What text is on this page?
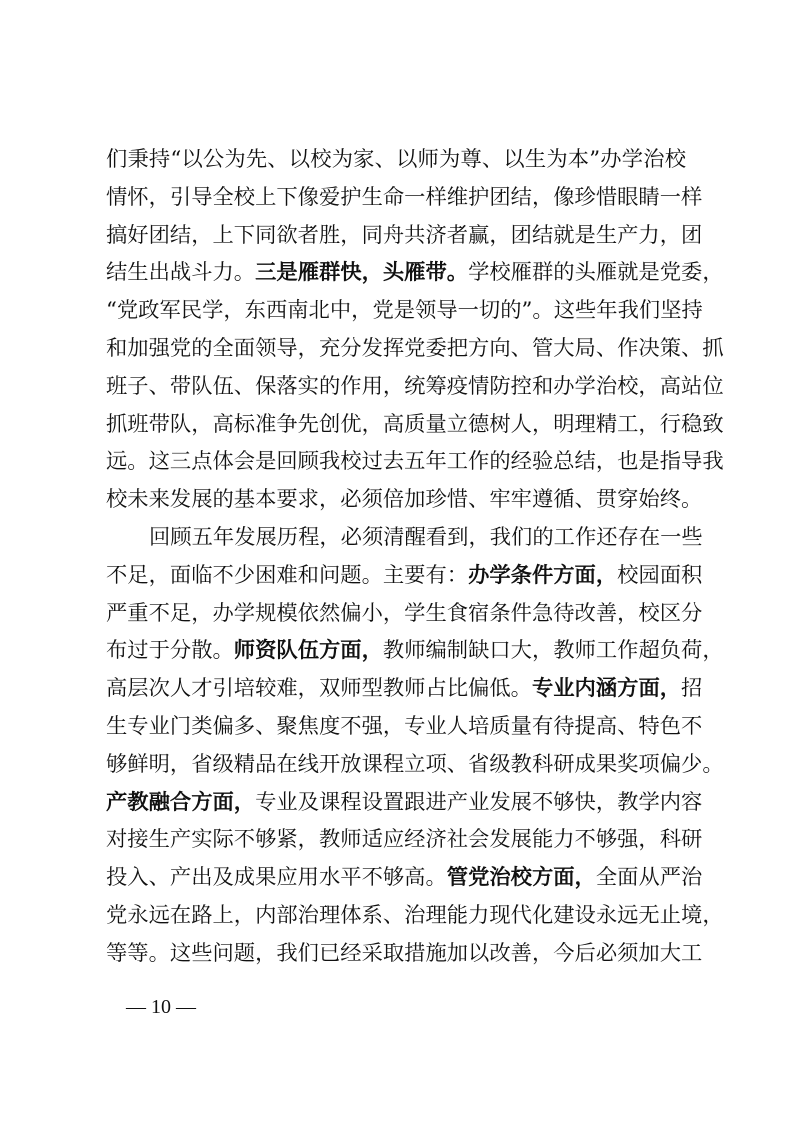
们秉持“以公为先、以校为家、以师为尊、以生为本”办学治校
情怀，引导全校上下像爱护生命一样维护团结，像珍惜眼睛一样
搞好团结，上下同欲者胜，同舟共济者赢，团结就是生产力，团
结生出战斗力。三是雁群快，头雁带。学校雁群的头雁就是党委，
“党政军民学，东西南北中，党是领导一切的”。这些年我们坚持
和加强党的全面领导，充分发挥党委把方向、管大局、作决策、抓
班子、带队伍、保落实的作用，统筹疫情防控和办学治校，高站位
抓班带队，高标准争先创优，高质量立德树人，明理精工，行稳致
远。这三点体会是回顾我校过去五年工作的经验总结，也是指导我
校未来发展的基本要求，必须倍加珍惜、牢牢遵循、贯穿始终。
回顾五年发展历程，必须清醒看到，我们的工作还存在一些
不足，面临不少困难和问题。主要有：办学条件方面，校园面积
严重不足，办学规模依然偏小，学生食宿条件急待改善，校区分
布过于分散。师资队伍方面，教师编制缺口大，教师工作超负荷，
高层次人才引培较难，双师型教师占比偏低。专业内涵方面，招
生专业门类偏多、聚焦度不强，专业人培质量有待提高、特色不
够鲜明，省级精品在线开放课程立项、省级教科研成果奖项偏少。
产教融合方面，专业及课程设置跟进产业发展不够快，教学内容
对接生产实际不够紧，教师适应经济社会发展能力不够强，科研
— 10 —
投入、产出及成果应用水平不够高。管党治校方面，全面从严治
党永远在路上，内部治理体系、治理能力现代化建设永远无止境，
等等。这些问题，我们已经采取措施加以改善，今后必须加大工
